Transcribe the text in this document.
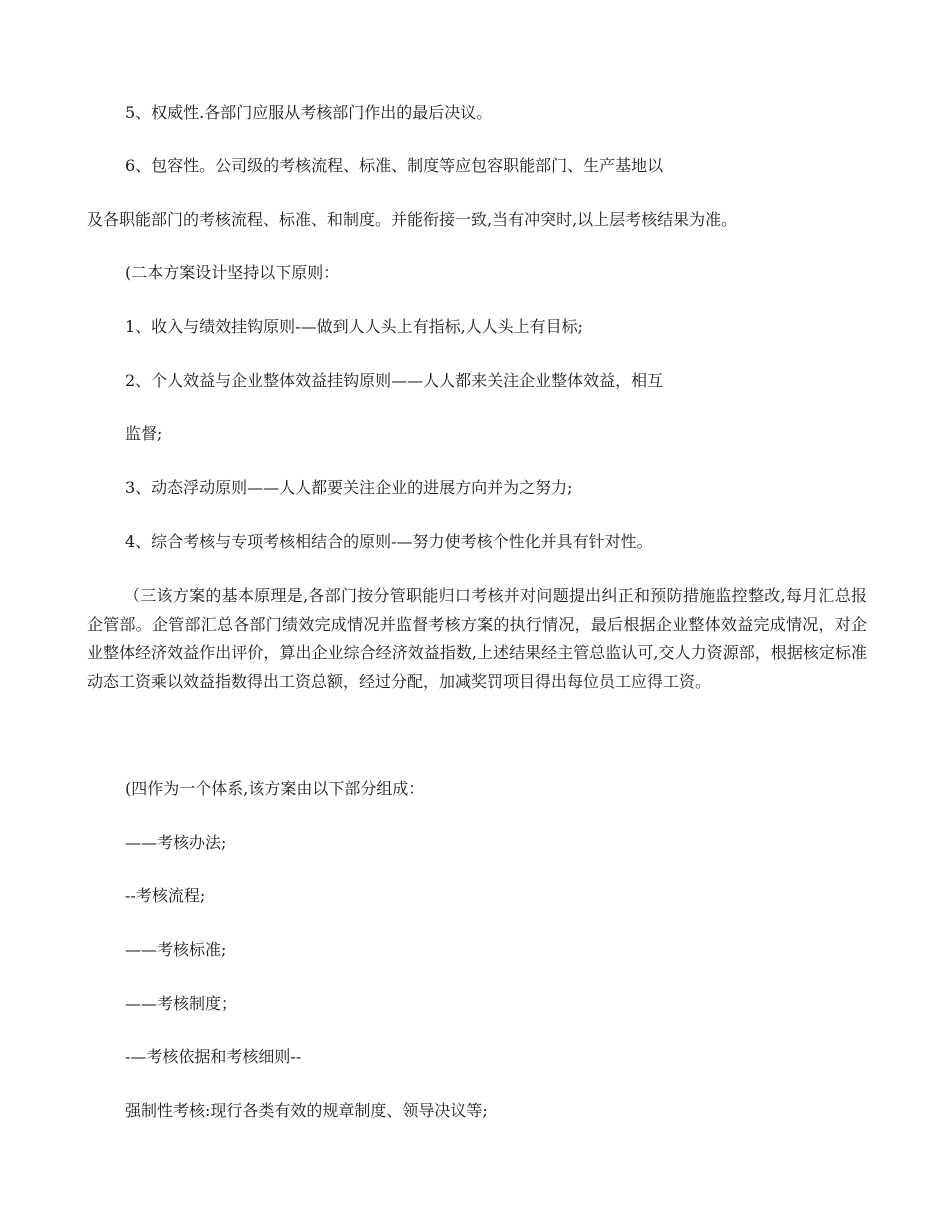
5、权威性.各部门应服从考核部门作出的最后决议。

6、包容性。公司级的考核流程、标准、制度等应包容职能部门、生产基地以

及各职能部门的考核流程、标准、和制度。并能衔接一致,当有冲突时,以上层考核结果为准。

(二本方案设计坚持以下原则：

1、收入与绩效挂钩原则-—做到人人头上有指标,人人头上有目标;

2、个人效益与企业整体效益挂钩原则——人人都来关注企业整体效益，相互

监督;

3、动态浮动原则——人人都要关注企业的进展方向并为之努力;

4、综合考核与专项考核相结合的原则-—努力使考核个性化并具有针对性。

（三该方案的基本原理是,各部门按分管职能归口考核并对问题提出纠正和预防措施监控整改,每月汇总报企管部。企管部汇总各部门绩效完成情况并监督考核方案的执行情况，最后根据企业整体效益完成情况，对企业整体经济效益作出评价，算出企业综合经济效益指数,上述结果经主管总监认可,交人力资源部，根据核定标准动态工资乘以效益指数得出工资总额，经过分配，加减奖罚项目得出每位员工应得工资。

(四作为一个体系,该方案由以下部分组成：

——考核办法;

--考核流程;

——考核标准;

——考核制度；

-—考核依据和考核细则--

强制性考核:现行各类有效的规章制度、领导决议等;
